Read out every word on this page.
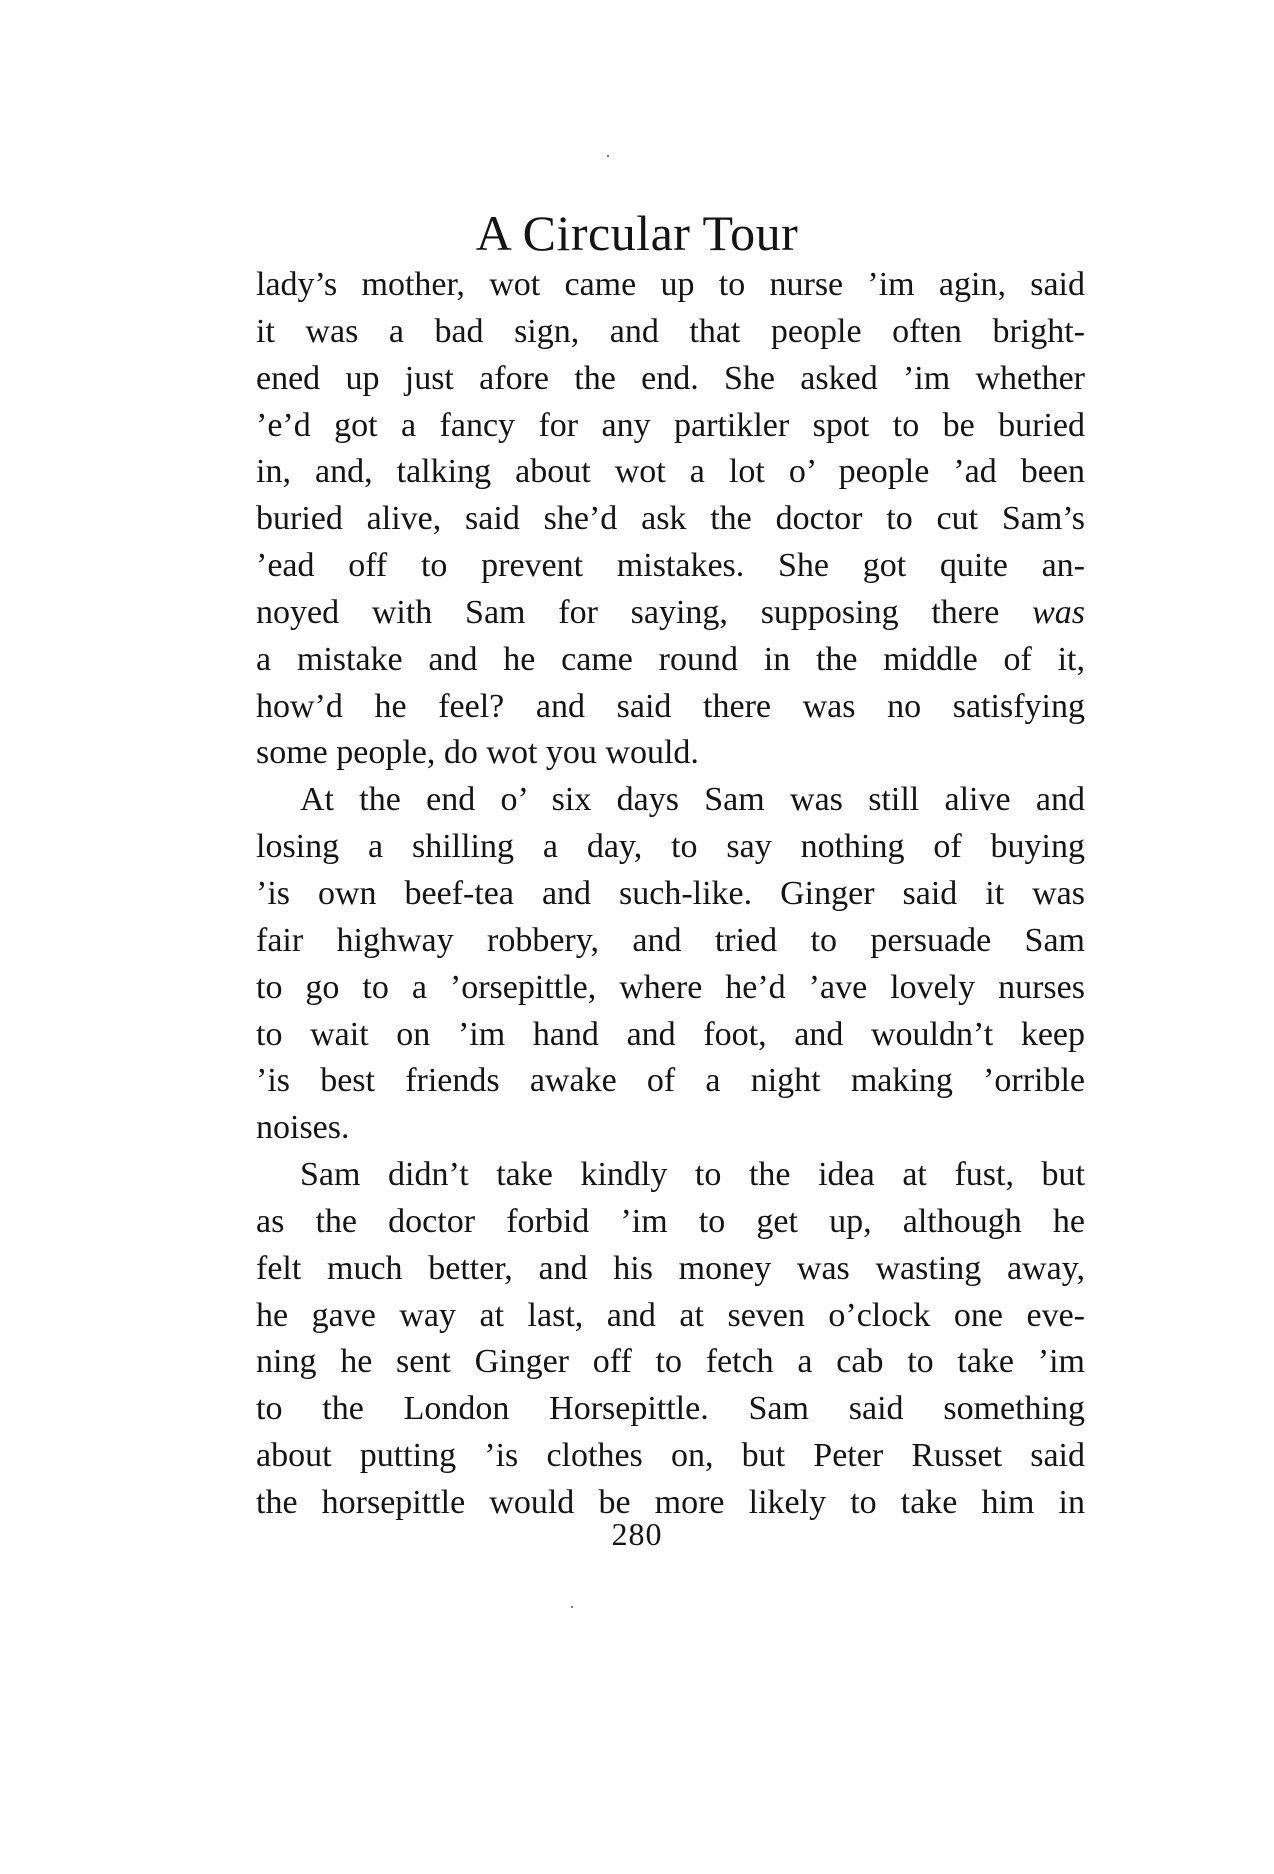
A Circular Tour
lady’s mother, wot came up to nurse ’im agin, said
it was a bad sign, and that people often bright-
ened up just afore the end. She asked ’im whether
’e’d got a fancy for any partikler spot to be buried
in, and, talking about wot a lot o’ people ’ad been
buried alive, said she’d ask the doctor to cut Sam’s
’ead off to prevent mistakes. She got quite an-
noyed with Sam for saying, supposing there was
a mistake and he came round in the middle of it,
how’d he feel? and said there was no satisfying
some people, do wot you would.
At the end o’ six days Sam was still alive and
losing a shilling a day, to say nothing of buying
’is own beef-tea and such-like. Ginger said it was
fair highway robbery, and tried to persuade Sam
to go to a ’orsepittle, where he’d ’ave lovely nurses
to wait on ’im hand and foot, and wouldn’t keep
’is best friends awake of a night making ’orrible
noises.
Sam didn’t take kindly to the idea at fust, but
as the doctor forbid ’im to get up, although he
felt much better, and his money was wasting away,
he gave way at last, and at seven o’clock one eve-
ning he sent Ginger off to fetch a cab to take ’im
to the London Horsepittle. Sam said something
about putting ’is clothes on, but Peter Russet said
the horsepittle would be more likely to take him in
280
